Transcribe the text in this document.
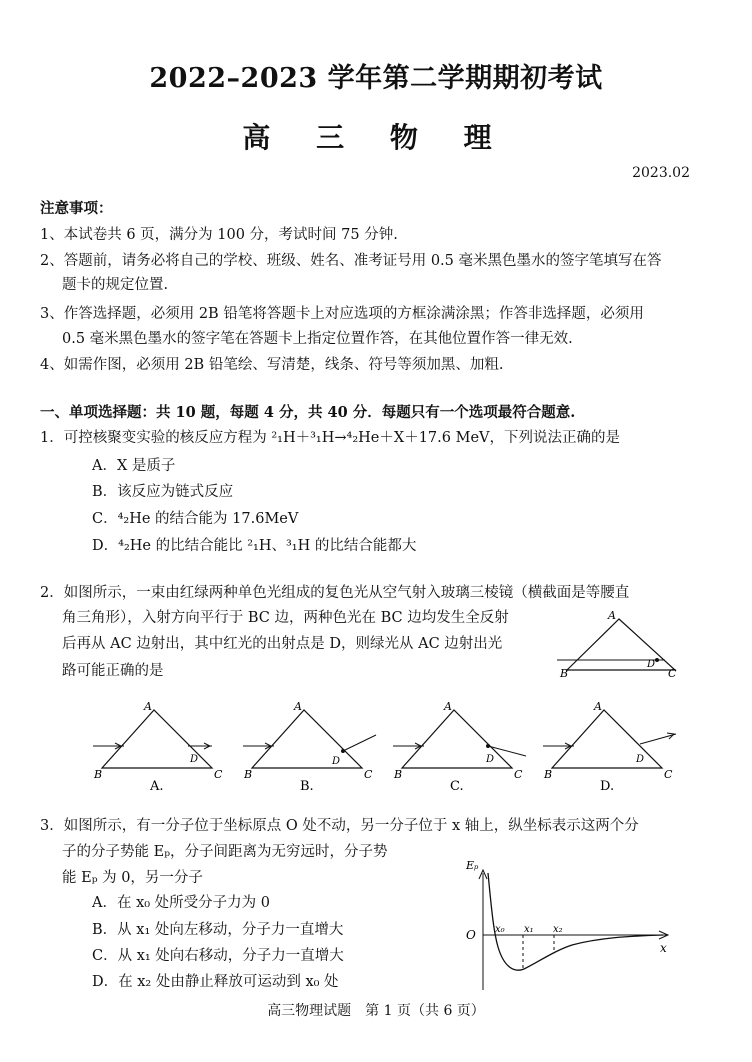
2022–2023 学年第二学期期初考试
高 三 物 理
2023.02
注意事项：
1、本试卷共 6 页，满分为 100 分，考试时间 75 分钟.
2、答题前，请务必将自己的学校、班级、姓名、准考证号用 0.5 毫米黑色墨水的签字笔填写在答
题卡的规定位置.
3、作答选择题，必须用 2B 铅笔将答题卡上对应选项的方框涂满涂黑；作答非选择题，必须用
0.5 毫米黑色墨水的签字笔在答题卡上指定位置作答，在其他位置作答一律无效.
4、如需作图，必须用 2B 铅笔绘、写清楚，线条、符号等须加黑、加粗.
一、单项选择题：共 10 题，每题 4 分，共 40 分．每题只有一个选项最符合题意.
1．可控核聚变实验的核反应方程为 ²₁H＋³₁H→⁴₂He＋X＋17.6 MeV，下列说法正确的是
A．X 是质子
B．该反应为链式反应
C．⁴₂He 的结合能为 17.6MeV
D．⁴₂He 的比结合能比 ²₁H、³₁H 的比结合能都大
2．如图所示，一束由红绿两种单色光组成的复色光从空气射入玻璃三棱镜（横截面是等腰直
角三角形），入射方向平行于 BC 边，两种色光在 BC 边均发生全反射
后再从 AC 边射出，其中红光的出射点是 D，则绿光从 AC 边射出光
路可能正确的是
A
B	C
D
A
B	C
D
A.
A
B	C
D
B.
A
B	C
D
C.
A
B	C
D
D.
3．如图所示，有一分子位于坐标原点 O 处不动，另一分子位于 x 轴上，纵坐标表示这两个分
子的分子势能 Eₚ，分子间距离为无穷远时，分子势
能 Eₚ 为 0，另一分子
A．在 x₀ 处所受分子力为 0
B．从 x₁ 处向左移动，分子力一直增大
C．从 x₁ 处向右移动，分子力一直增大
D．在 x₂ 处由静止释放可运动到 x₀ 处
Eₚ
O
x
x₀ x₁ x₂
高三物理试题　第 1 页（共 6 页）
